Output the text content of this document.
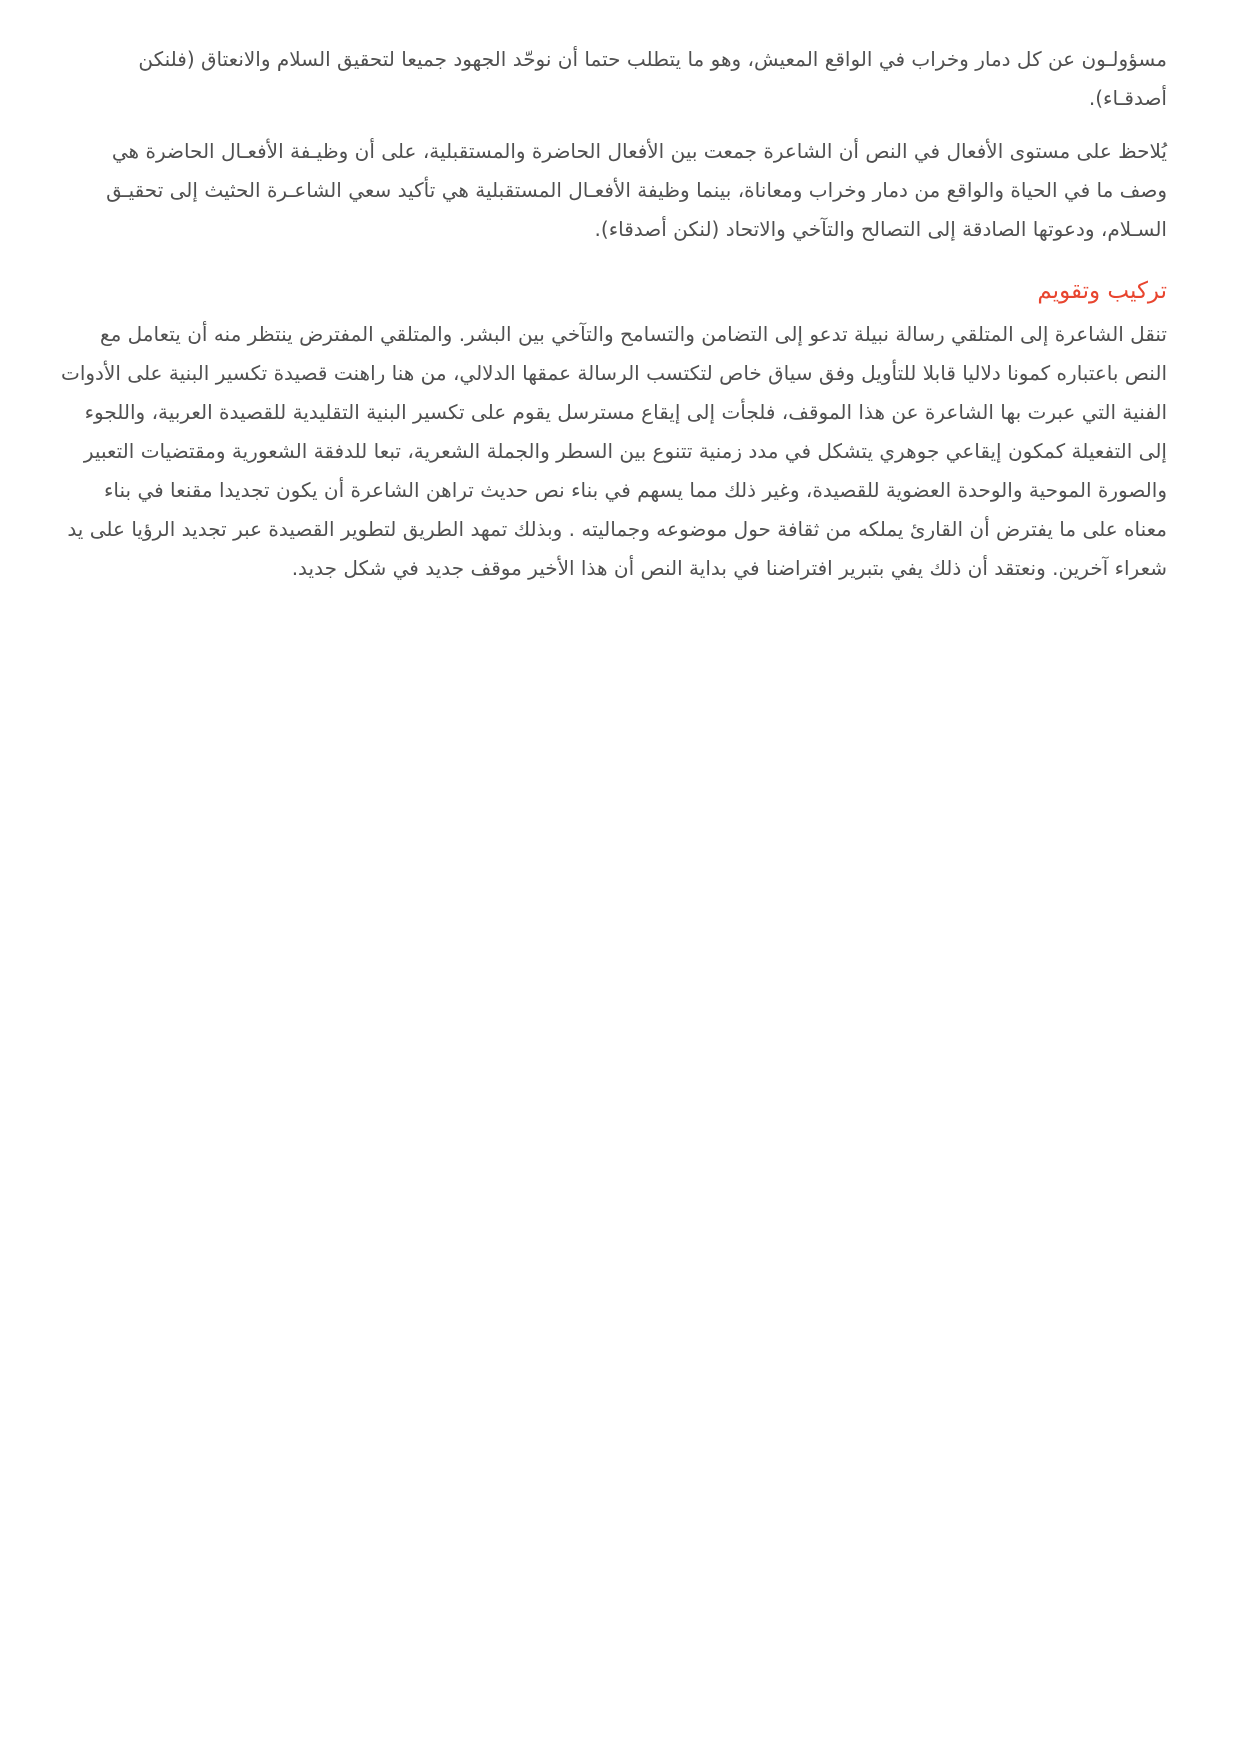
مسؤولـون عن كل دمار وخراب في الواقع المعيش، وهو ما يتطلب حتما أن نوحّد الجهود جميعا لتحقيق السلام والانعتاق (فلنكن أصدقـاء).

يُلاحظ على مستوى الأفعال في النص أن الشاعرة جمعت بين الأفعال الحاضرة والمستقبلية، على أن وظيـفة الأفعـال الحاضرة هي وصف ما في الحياة والواقع من دمار وخراب ومعاناة، بينما وظيفة الأفعـال المستقبلية هي تأكيد سعي الشاعـرة الحثيث إلى تحقيـق السـلام، ودعوتها الصادقة إلى التصالح والتآخي والاتحاد (لنكن أصدقاء).

تركيب وتقويم

تنقل الشاعرة إلى المتلقي رسالة نبيلة تدعو إلى التضامن والتسامح والتآخي بين البشر. والمتلقي المفترض ينتظر منه أن يتعامل مع النص باعتباره كمونا دلاليا قابلا للتأويل وفق سياق خاص لتكتسب الرسالة عمقها الدلالي، من هنا راهنت قصيدة تكسير البنية على الأدوات الفنية التي عبرت بها الشاعرة عن هذا الموقف، فلجأت إلى إيقاع مسترسل يقوم على تكسير البنية التقليدية للقصيدة العربية، واللجوء إلى التفعيلة كمكون إيقاعي جوهري يتشكل في مدد زمنية تتنوع بين السطر والجملة الشعرية، تبعا للدفقة الشعورية ومقتضيات التعبير والصورة الموحية والوحدة العضوية للقصيدة، وغير ذلك مما يسهم في بناء نص حديث تراهن الشاعرة أن يكون تجديدا مقنعا في بناء معناه على ما يفترض أن القارئ يملكه من ثقافة حول موضوعه وجماليته . وبذلك تمهد الطريق لتطوير القصيدة عبر تجديد الرؤيا على يد شعراء آخرين. ونعتقد أن ذلك يفي بتبرير افتراضنا في بداية النص أن هذا الأخير موقف جديد في شكل جديد.
